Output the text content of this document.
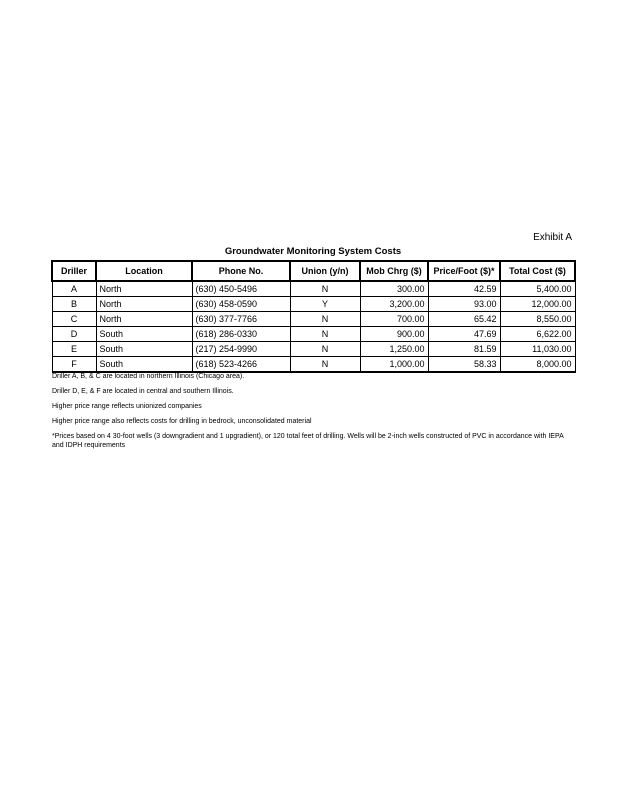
Exhibit A
Groundwater Monitoring System Costs
Driller	Location	Phone No.	Union (y/n)	Mob Chrg ($)	Price/Foot ($)*	Total Cost ($)
A	North	(630) 450-5496	N	300.00	42.59	5,400.00
B	North	(630) 458-0590	Y	3,200.00	93.00	12,000.00
C	North	(630) 377-7766	N	700.00	65.42	8,550.00
D	South	(618) 286-0330	N	900.00	47.69	6,622.00
E	South	(217) 254-9990	N	1,250.00	81.59	11,030.00
F	South	(618) 523-4266	N	1,000.00	58.33	8,000.00

Driller A, B, & C are located in northern Illinois (Chicago area).

Driller D, E, & F are located in central and southern Illinois.

Higher price range reflects unionized companies

Higher price range also reflects costs for drilling in bedrock, unconsolidated material

*Prices based on 4 30-foot wells (3 downgradient and 1 upgradient), or 120 total feet of drilling. Wells will be 2-inch wells constructed of PVC in accordance with IEPA and IDPH requirements
